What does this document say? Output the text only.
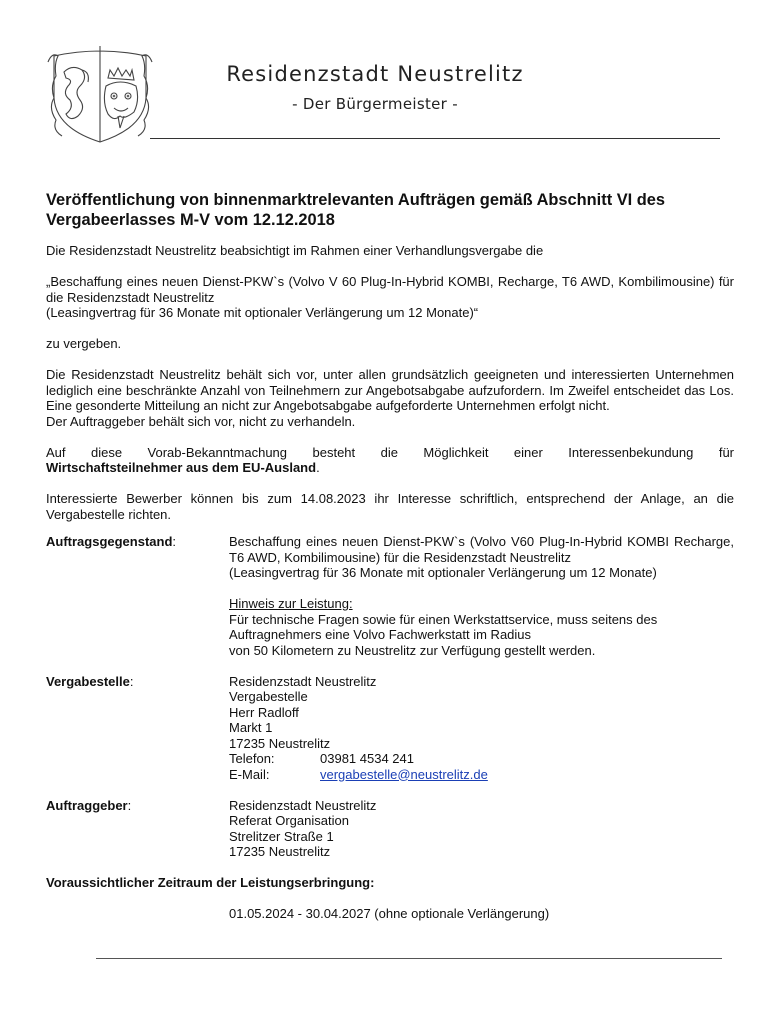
Residenzstadt Neustrelitz
- Der Bürgermeister -
Veröffentlichung von binnenmarktrelevanten Aufträgen gemäß Abschnitt VI des Vergabeerlasses M-V vom 12.12.2018

Die Residenzstadt Neustrelitz beabsichtigt im Rahmen einer Verhandlungsvergabe die

„Beschaffung eines neuen Dienst-PKW`s (Volvo V 60 Plug-In-Hybrid KOMBI, Recharge, T6 AWD, Kombilimousine) für die Residenzstadt Neustrelitz

(Leasingvertrag für 36 Monate mit optionaler Verlängerung um 12 Monate)“

zu vergeben.

Die Residenzstadt Neustrelitz behält sich vor, unter allen grundsätzlich geeigneten und interessierten Unternehmen lediglich eine beschränkte Anzahl von Teilnehmern zur Angebotsabgabe aufzufordern. Im Zweifel entscheidet das Los. Eine gesonderte Mitteilung an nicht zur Angebotsabgabe aufgeforderte Unternehmen erfolgt nicht.

Der Auftraggeber behält sich vor, nicht zu verhandeln.

Auf diese Vorab-Bekanntmachung besteht die Möglichkeit einer Interessenbekundung für

Wirtschaftsteilnehmer aus dem EU-Ausland.

Interessierte Bewerber können bis zum 14.08.2023 ihr Interesse schriftlich, entsprechend der Anlage, an die Vergabestelle richten.

Auftragsgegenstand:	Beschaffung eines neuen Dienst-PKW`s (Volvo V60 Plug-In-Hybrid KOMBI Recharge, T6 AWD, Kombilimousine) für die Residenzstadt Neustrelitz

(Leasingvertrag für 36 Monate mit optionaler Verlängerung um 12 Monate)

Hinweis zur Leistung:

Für technische Fragen sowie für einen Werkstattservice, muss seitens des

Auftragnehmers eine Volvo Fachwerkstatt im Radius

von 50 Kilometern zu Neustrelitz zur Verfügung gestellt werden.

Vergabestelle:	Residenzstadt Neustrelitz

Vergabestelle

Herr Radloff

Markt 1

17235 Neustrelitz

Telefon:	03981 4534 241

E-Mail:	vergabestelle@neustrelitz.de

Auftraggeber:	Residenzstadt Neustrelitz

Referat Organisation

Strelitzer Straße 1

17235 Neustrelitz

Voraussichtlicher Zeitraum der Leistungserbringung:

01.05.2024 - 30.04.2027 (ohne optionale Verlängerung)
